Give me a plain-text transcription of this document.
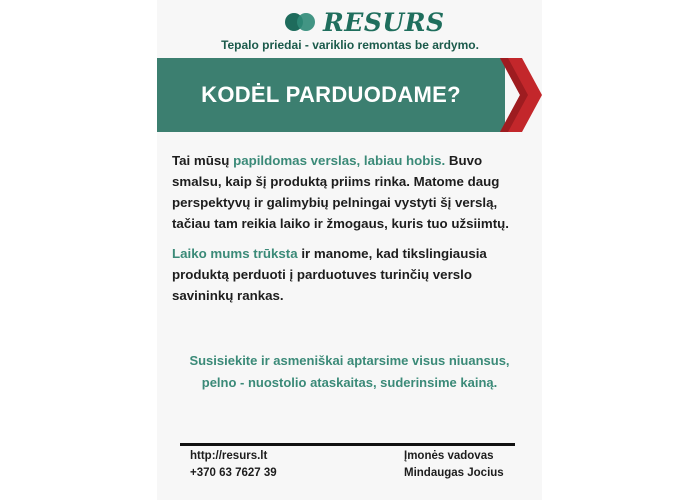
RESURS
Tepalo priedai - variklio remontas be ardymo.
KODĖL PARDUODAME?
Tai mūsų papildomas verslas, labiau hobis. Buvo smalsu, kaip šį produktą priims rinka. Matome daug perspektyvų ir galimybių pelningai vystyti šį verslą, tačiau tam reikia laiko ir žmogaus, kuris tuo užsiimtų.
Laiko mums trūksta ir manome, kad tikslingiausia produktą perduoti į parduotuves turinčių verslo savininkų rankas.
Susisiekite ir asmeniškai aptarsime visus niuansus,
pelno - nuostolio ataskaitas, suderinsime kainą.
http://resurs.lt
+370 63 7627 39
Įmonės vadovas
Mindaugas Jocius
